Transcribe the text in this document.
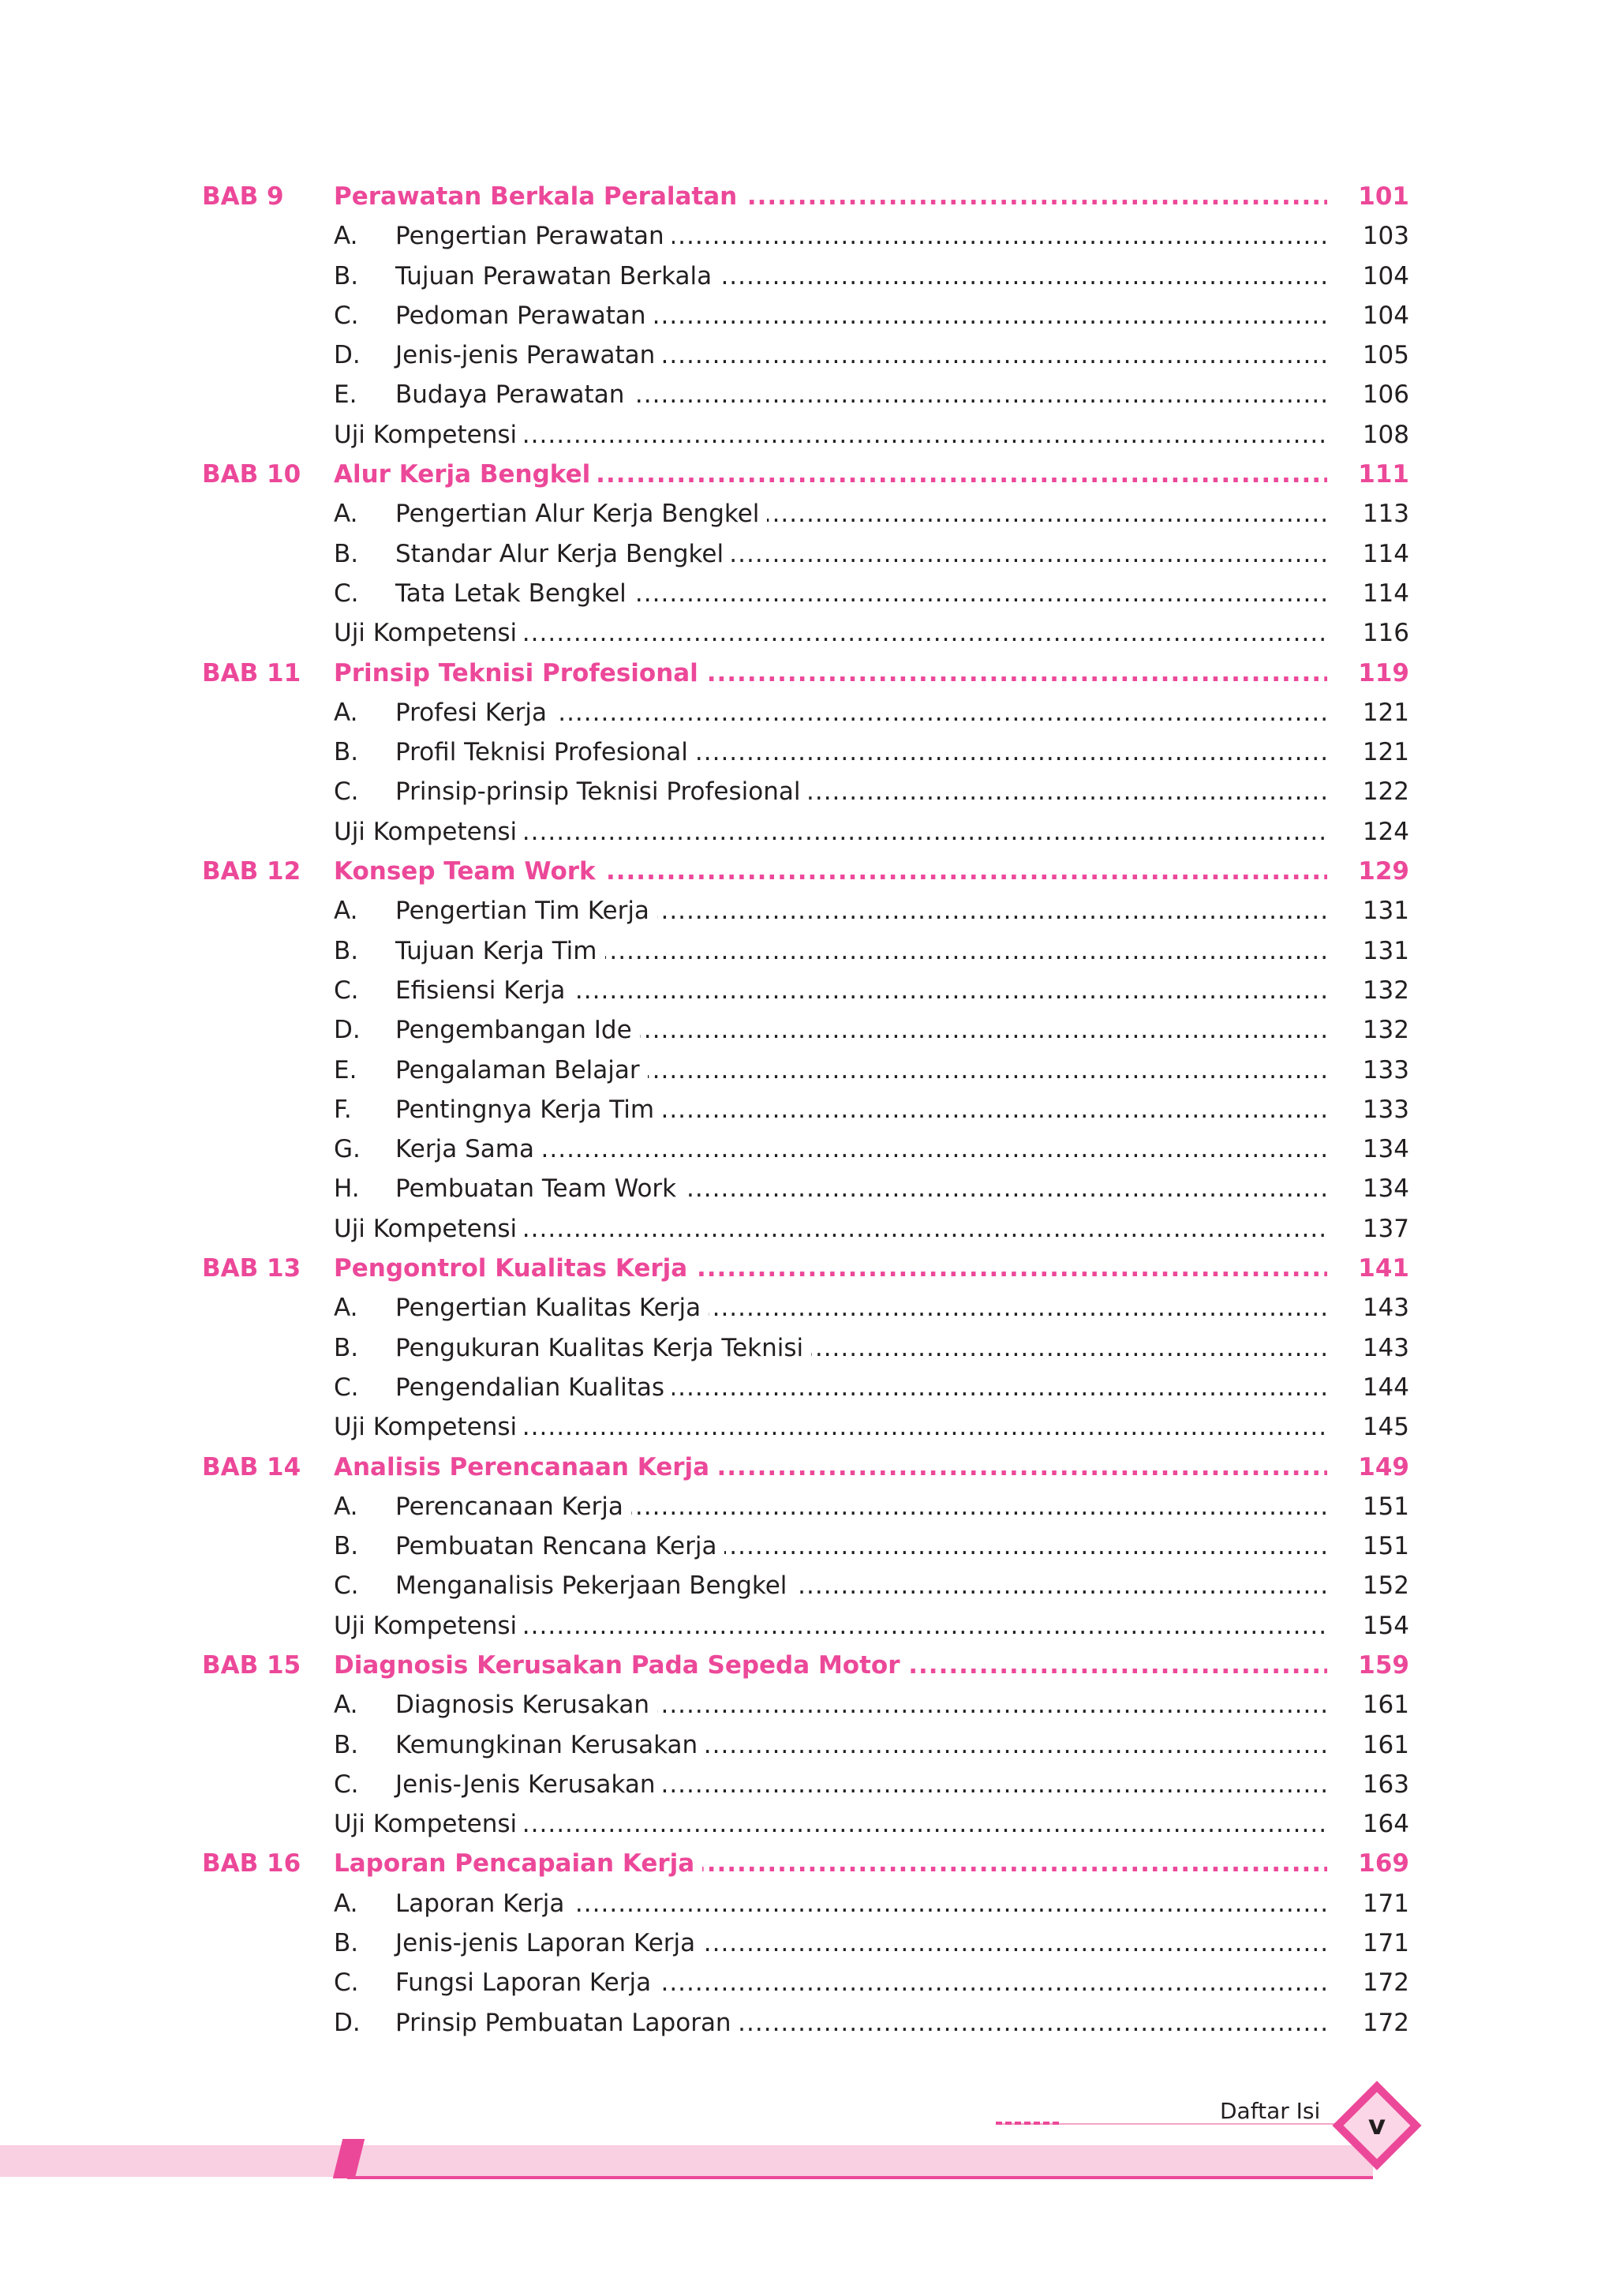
BAB 9 ..... Perawatan Berkala Peralatan	101
A. ..... Pengertian Perawatan	103
B. ..... Tujuan Perawatan Berkala	104
C. ..... Pedoman Perawatan	104
D. ..... Jenis-jenis Perawatan	105
E. ..... Budaya Perawatan	106
.....
Uji Kompetensi	108
BAB 10 ..... Alur Kerja Bengkel	111
A. ..... Pengertian Alur Kerja Bengkel	113
B. ..... Standar Alur Kerja Bengkel	114
C. ..... Tata Letak Bengkel	114
.....
Uji Kompetensi	116
BAB 11 ..... Prinsip Teknisi Profesional	119
A. ..... Profesi Kerja	121
B. ..... Profil Teknisi Profesional	121
C. ..... Prinsip-prinsip Teknisi Profesional	122
.....
Uji Kompetensi	124
BAB 12 ..... Konsep Team Work	129
A. ..... Pengertian Tim Kerja	131
B. ..... Tujuan Kerja Tim	131
C. ..... Efisiensi Kerja	132
D. ..... Pengembangan Ide	132
E. ..... Pengalaman Belajar	133
F. ..... Pentingnya Kerja Tim	133
G. ..... Kerja Sama	134
H. ..... Pembuatan Team Work	134
.....
Uji Kompetensi	137
BAB 13 ..... Pengontrol Kualitas Kerja	141
A. ..... Pengertian Kualitas Kerja	143
B. ..... Pengukuran Kualitas Kerja Teknisi	143
C. ..... Pengendalian Kualitas	144
.....
Uji Kompetensi	145
BAB 14 ..... Analisis Perencanaan Kerja	149
A. ..... Perencanaan Kerja	151
B. ..... Pembuatan Rencana Kerja	151
C. ..... Menganalisis Pekerjaan Bengkel	152
.....
Uji Kompetensi	154
BAB 15 ..... Diagnosis Kerusakan Pada Sepeda Motor	159
A. ..... Diagnosis Kerusakan	161
B. ..... Kemungkinan Kerusakan	161
C. ..... Jenis-Jenis Kerusakan	163
.....
Uji Kompetensi	164
BAB 16 ..... Laporan Pencapaian Kerja	169
A. ..... Laporan Kerja	171
B. ..... Jenis-jenis Laporan Kerja	171
C. ..... Fungsi Laporan Kerja	172
D. ..... Prinsip Pembuatan Laporan	172
Daftar Isi	v
